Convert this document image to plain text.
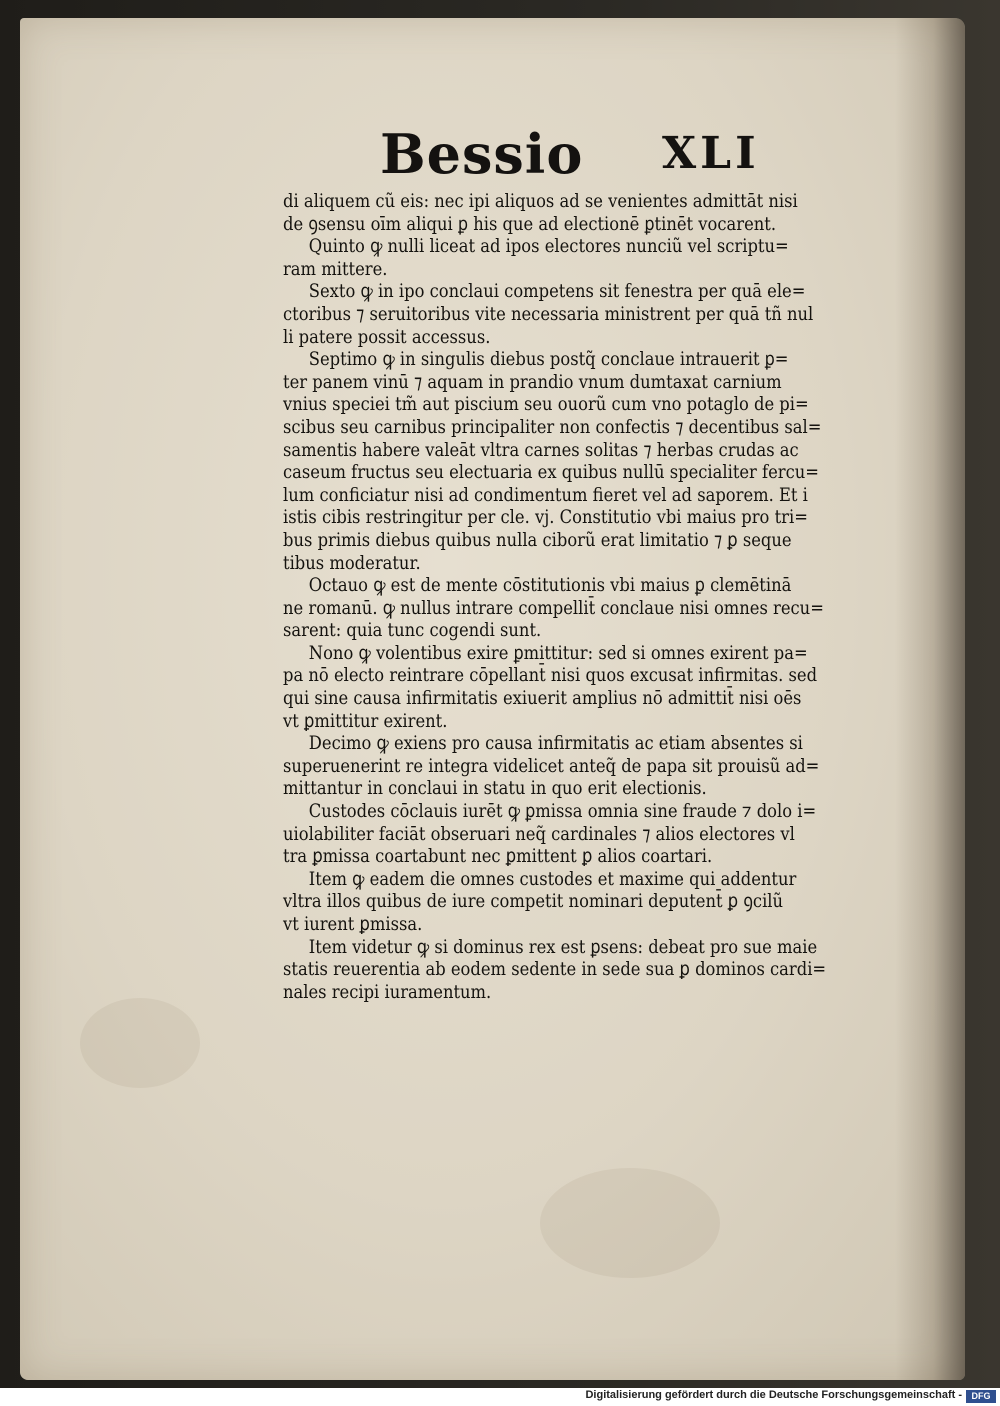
Bessio XLI
di aliquem cũ eis: nec ipi aliquos ad se venientes admittāt nisi
de ꝯsensu oīm aliqui ꝑ his que ad electionē ꝑtinēt vocarent.
Quinto ꝙ nulli liceat ad ipos electores nunciũ vel scriptu=
ram mittere.
Sexto ꝙ in ipo conclaui competens sit fenestra per quā ele=
ctoribus ⁊ seruitoribus vite necessaria ministrent per quā tñ nul
li patere possit accessus.
Septimo ꝙ in singulis diebus postq̃ conclaue intrauerit ꝑ=
ter panem vinū ⁊ aquam in prandio vnum dumtaxat carnium
vnius speciei tm̃ aut piscium seu ouorũ cum vno potaglo de pi=
scibus seu carnibus principaliter non confectis ⁊ decentibus sal=
samentis habere valeāt vltra carnes solitas ⁊ herbas crudas ac
caseum fructus seu electuaria ex quibus nullū specialiter fercu=
lum conficiatur nisi ad condimentum fieret vel ad saporem. Et i
istis cibis restringitur per cle. vj. Constitutio vbi maius pro tri=
bus primis diebus quibus nulla ciborũ erat limitatio ⁊ ꝑ seque
tibus moderatur.
Octauo ꝙ est de mente cōstitutionis vbi maius ꝑ clemētinā
ne romanū. ꝙ nullus intrare compellit̄ conclaue nisi omnes recu=
sarent: quia tunc cogendi sunt.
Nono ꝙ volentibus exire ꝑmittitur: sed si omnes exirent pa=
pa nō electo reintrare cōpellant̄ nisi quos excusat infirmitas. sed
qui sine causa infirmitatis exiuerit amplius nō admittit̄ nisi oēs
vt ꝑmittitur exirent.
Decimo ꝙ exiens pro causa infirmitatis ac etiam absentes si
superuenerint re integra videlicet anteq̃ de papa sit prouisũ ad=
mittantur in conclaui in statu in quo erit electionis.
Custodes cōclauis iurēt ꝙ ꝑmissa omnia sine fraude ⁊ dolo i=
uiolabiliter faciāt obseruari neq̃ cardinales ⁊ alios electores vl
tra ꝑmissa coartabunt nec ꝑmittent ꝑ alios coartari.
Item ꝙ eadem die omnes custodes et maxime qui addentur
vltra illos quibus de iure competit nominari deputent̄ ꝑ ꝯcilũ
vt iurent ꝑmissa.
Item videtur ꝙ si dominus rex est ꝑsens: debeat pro sue maie
statis reuerentia ab eodem sedente in sede sua ꝑ dominos cardi=
nales recipi iuramentum.
Digitalisierung gefördert durch die Deutsche Forschungsgemeinschaft -	DFG
